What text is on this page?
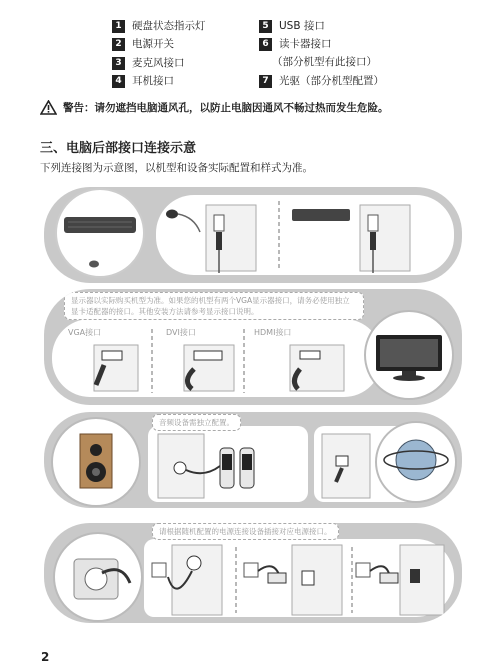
1 硬盘状态指示灯
2 电源开关
3 麦克风接口
4 耳机接口
5 USB 接口
6 读卡器接口
（部分机型有此接口）
7 光驱（部分机型配置）
警告：请勿遮挡电脑通风孔，以防止电脑因通风不畅过热而发生危险。
三、电脑后部接口连接示意
下列连接图为示意图，以机型和设备实际配置和样式为准。
显示器以实际购买机型为准。如果您的机型有两个VGA显示器接口，请务必使用独立显卡适配器的接口。其他安装方法请参考显示接口说明。
VGA接口	DVI接口	HDMI接口
音频设备需独立配置。
请根据随机配置的电源连接设备插接对应电源接口。
2
